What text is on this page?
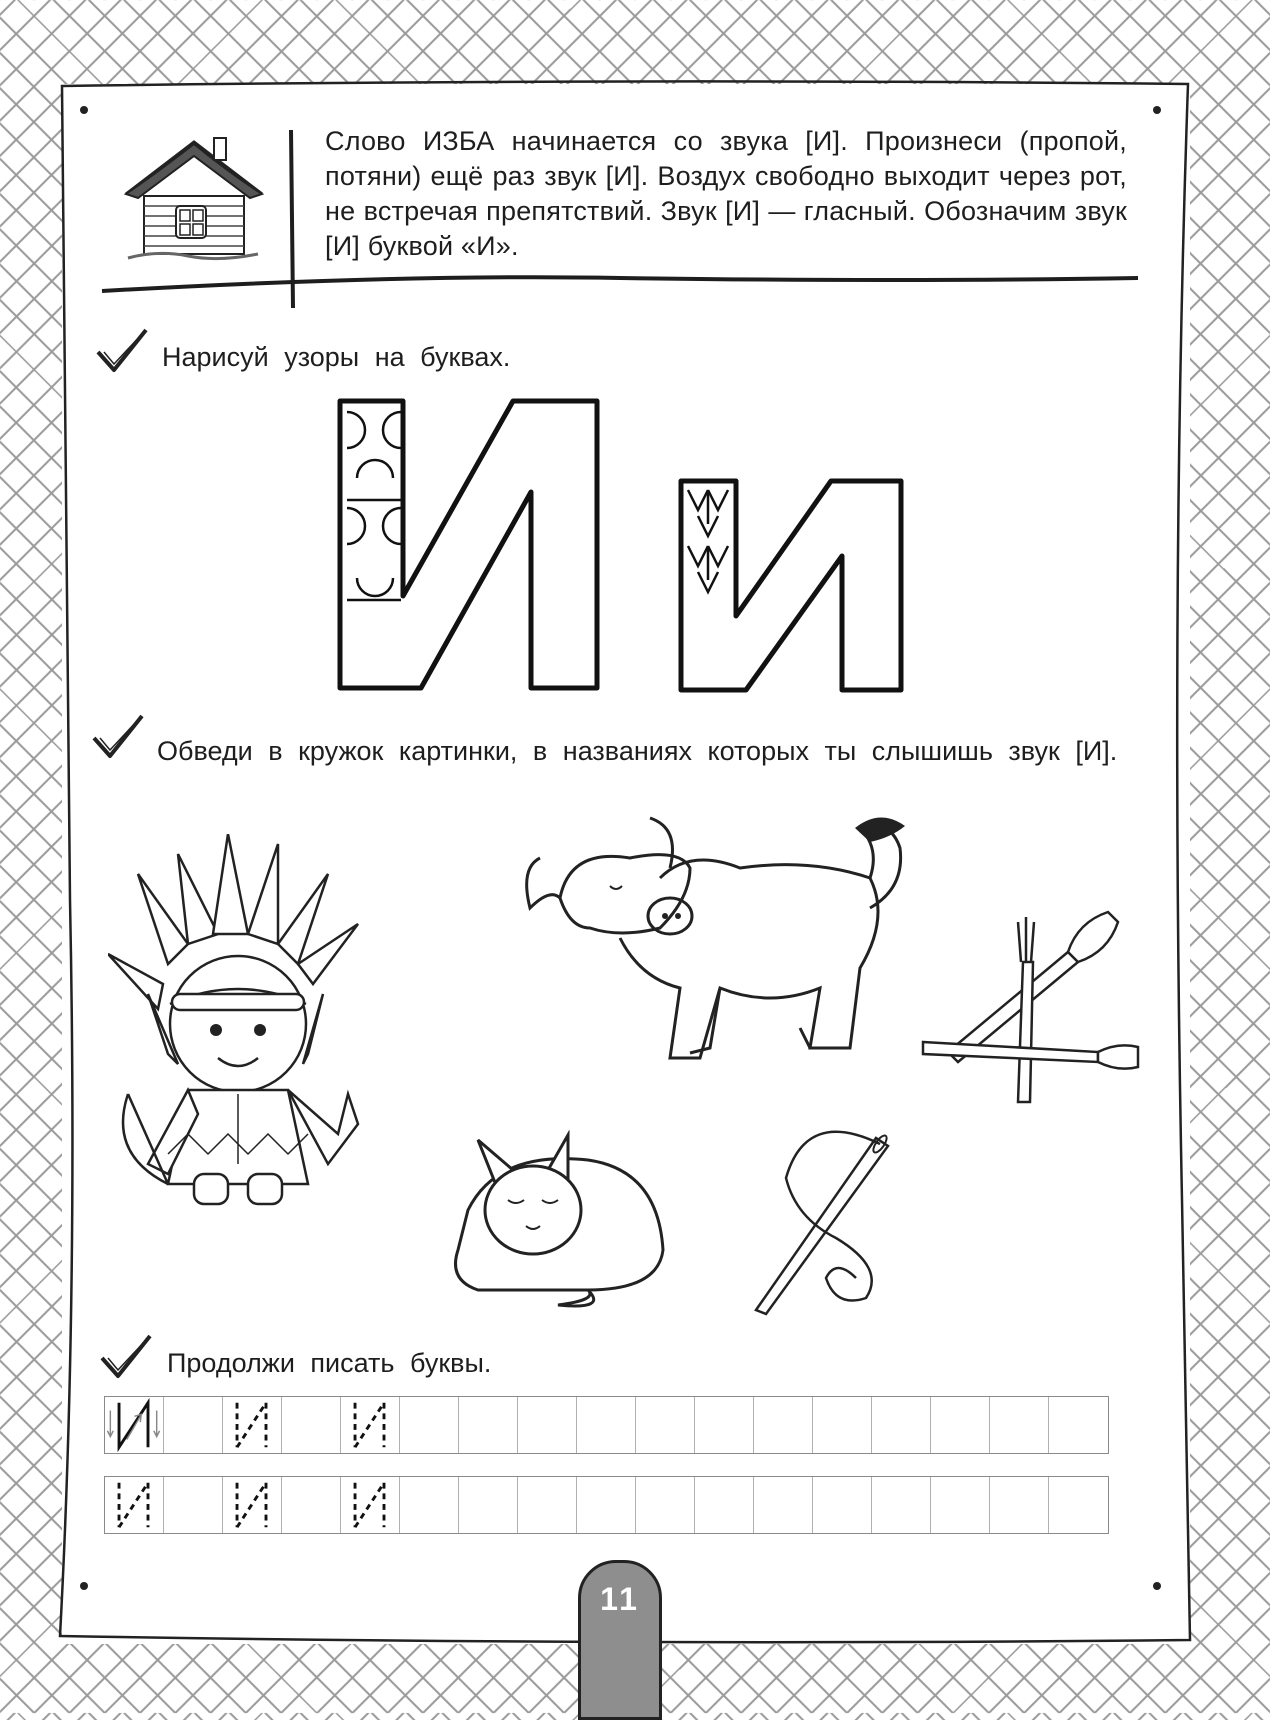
Слово ИЗБА начинается со звука [И]. Произнеси (пропой, потяни) ещё раз звук [И]. Воздух свободно выходит через рот, не встречая препятствий. Звук [И] — гласный. Обозначим звук [И] буквой «И».

Нарисуй узоры на буквах.

Обведи в кружок картинки, в названиях которых ты слышишь звук [И].

Продолжи писать буквы.

11
